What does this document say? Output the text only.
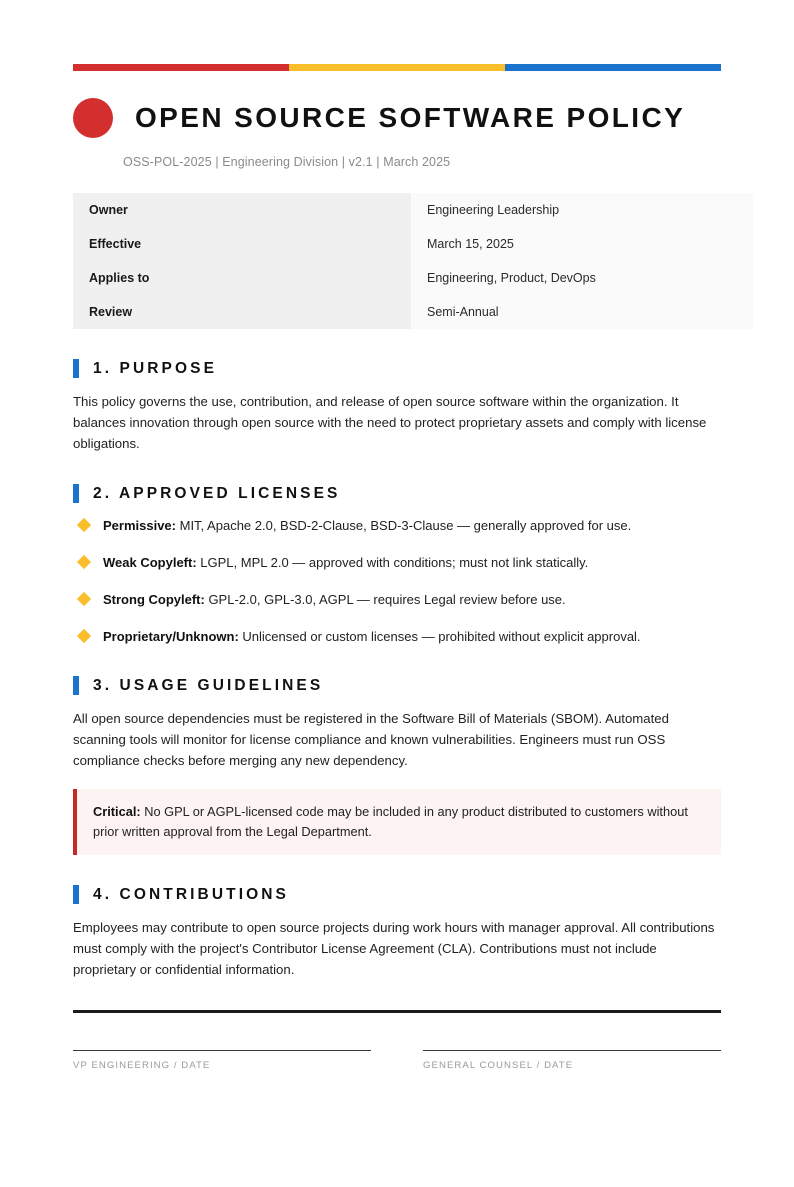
OPEN SOURCE SOFTWARE POLICY
OSS-POL-2025 | Engineering Division | v2.1 | March 2025
Owner	Engineering Leadership
Effective	March 15, 2025
Applies to	Engineering, Product, DevOps
Review	Semi-Annual
1. PURPOSE

This policy governs the use, contribution, and release of open source software within the organization. It balances innovation through open source with the need to protect proprietary assets and comply with license obligations.

2. APPROVED LICENSES
Permissive: MIT, Apache 2.0, BSD-2-Clause, BSD-3-Clause — generally approved for use.
Weak Copyleft: LGPL, MPL 2.0 — approved with conditions; must not link statically.
Strong Copyleft: GPL-2.0, GPL-3.0, AGPL — requires Legal review before use.
Proprietary/Unknown: Unlicensed or custom licenses — prohibited without explicit approval.
3. USAGE GUIDELINES

All open source dependencies must be registered in the Software Bill of Materials (SBOM). Automated scanning tools will monitor for license compliance and known vulnerabilities. Engineers must run OSS compliance checks before merging any new dependency.

Critical: No GPL or AGPL-licensed code may be included in any product distributed to customers without prior written approval from the Legal Department.

4. CONTRIBUTIONS

Employees may contribute to open source projects during work hours with manager approval. All contributions must comply with the project's Contributor License Agreement (CLA). Contributions must not include proprietary or confidential information.

VP ENGINEERING / DATE	GENERAL COUNSEL / DATE
